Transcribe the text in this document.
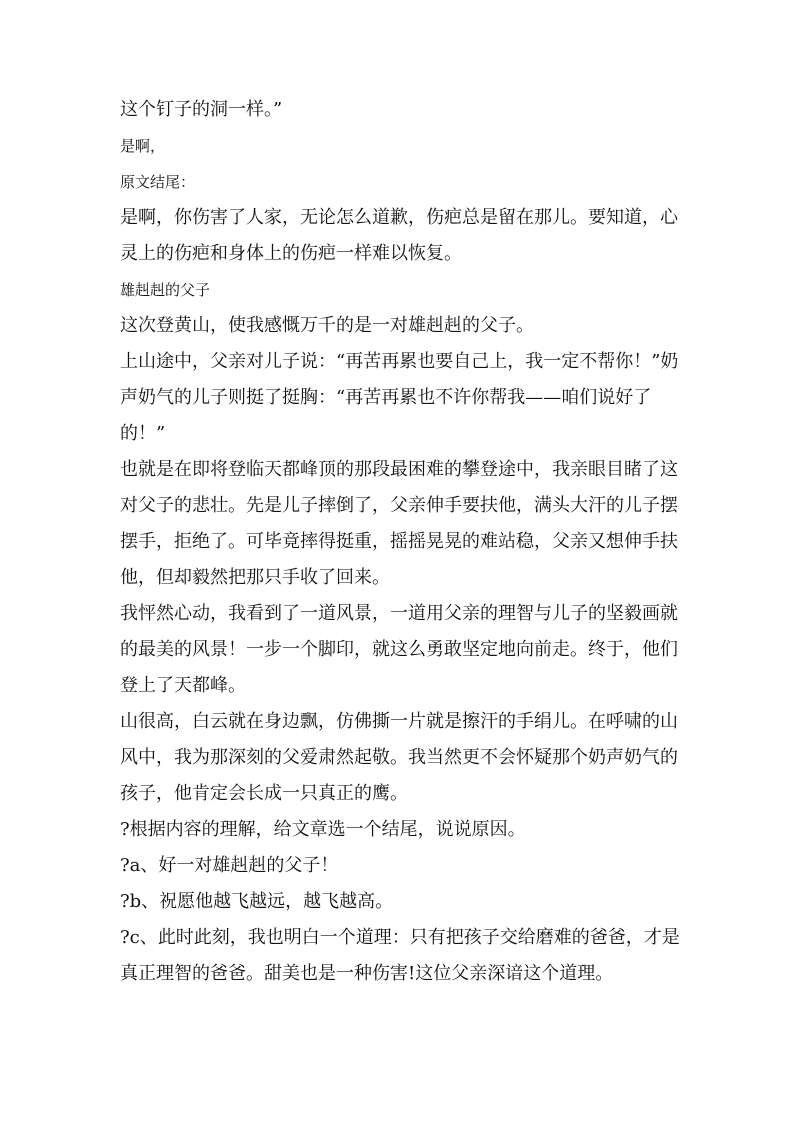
这个钉子的洞一样。”

是啊，

原文结尾：

是啊，你伤害了人家，无论怎么道歉，伤疤总是留在那儿。要知道，心灵上的伤疤和身体上的伤疤一样难以恢复。

雄赳赳的父子

这次登黄山，使我感慨万千的是一对雄赳赳的父子。

上山途中，父亲对儿子说：“再苦再累也要自己上，我一定不帮你！”奶声奶气的儿子则挺了挺胸：“再苦再累也不许你帮我——咱们说好了的！”

也就是在即将登临天都峰顶的那段最困难的攀登途中，我亲眼目睹了这对父子的悲壮。先是儿子摔倒了，父亲伸手要扶他，满头大汗的儿子摆摆手，拒绝了。可毕竟摔得挺重，摇摇晃晃的难站稳，父亲又想伸手扶他，但却毅然把那只手收了回来。

我怦然心动，我看到了一道风景，一道用父亲的理智与儿子的坚毅画就的最美的风景！一步一个脚印，就这么勇敢坚定地向前走。终于，他们登上了天都峰。

山很高，白云就在身边飘，仿佛撕一片就是擦汗的手绢儿。在呼啸的山风中，我为那深刻的父爱肃然起敬。我当然更不会怀疑那个奶声奶气的孩子，他肯定会长成一只真正的鹰。

?根据内容的理解，给文章选一个结尾，说说原因。

?a、好一对雄赳赳的父子！

?b、祝愿他越飞越远，越飞越高。

?c、此时此刻，我也明白一个道理：只有把孩子交给磨难的爸爸，才是真正理智的爸爸。甜美也是一种伤害!这位父亲深谙这个道理。
